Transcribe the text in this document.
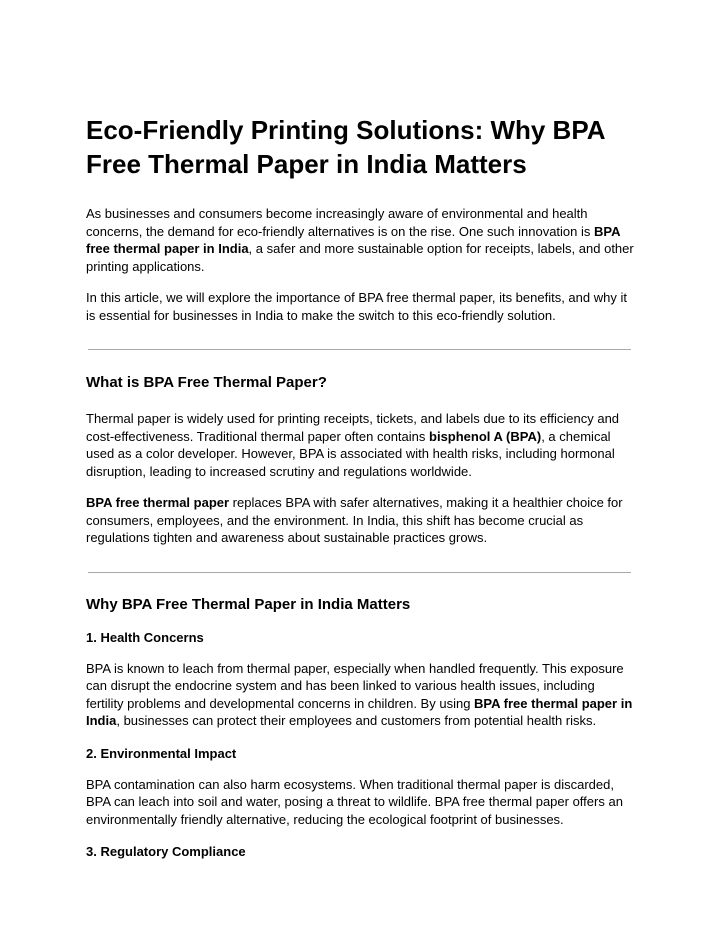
Eco-Friendly Printing Solutions: Why BPA Free Thermal Paper in India Matters

As businesses and consumers become increasingly aware of environmental and health concerns, the demand for eco-friendly alternatives is on the rise. One such innovation is BPA free thermal paper in India, a safer and more sustainable option for receipts, labels, and other printing applications.

In this article, we will explore the importance of BPA free thermal paper, its benefits, and why it is essential for businesses in India to make the switch to this eco-friendly solution.

What is BPA Free Thermal Paper?

Thermal paper is widely used for printing receipts, tickets, and labels due to its efficiency and cost-effectiveness. Traditional thermal paper often contains bisphenol A (BPA), a chemical used as a color developer. However, BPA is associated with health risks, including hormonal disruption, leading to increased scrutiny and regulations worldwide.

BPA free thermal paper replaces BPA with safer alternatives, making it a healthier choice for consumers, employees, and the environment. In India, this shift has become crucial as regulations tighten and awareness about sustainable practices grows.

Why BPA Free Thermal Paper in India Matters
1. Health Concerns

BPA is known to leach from thermal paper, especially when handled frequently. This exposure can disrupt the endocrine system and has been linked to various health issues, including fertility problems and developmental concerns in children. By using BPA free thermal paper in India, businesses can protect their employees and customers from potential health risks.

2. Environmental Impact

BPA contamination can also harm ecosystems. When traditional thermal paper is discarded, BPA can leach into soil and water, posing a threat to wildlife. BPA free thermal paper offers an environmentally friendly alternative, reducing the ecological footprint of businesses.

3. Regulatory Compliance
